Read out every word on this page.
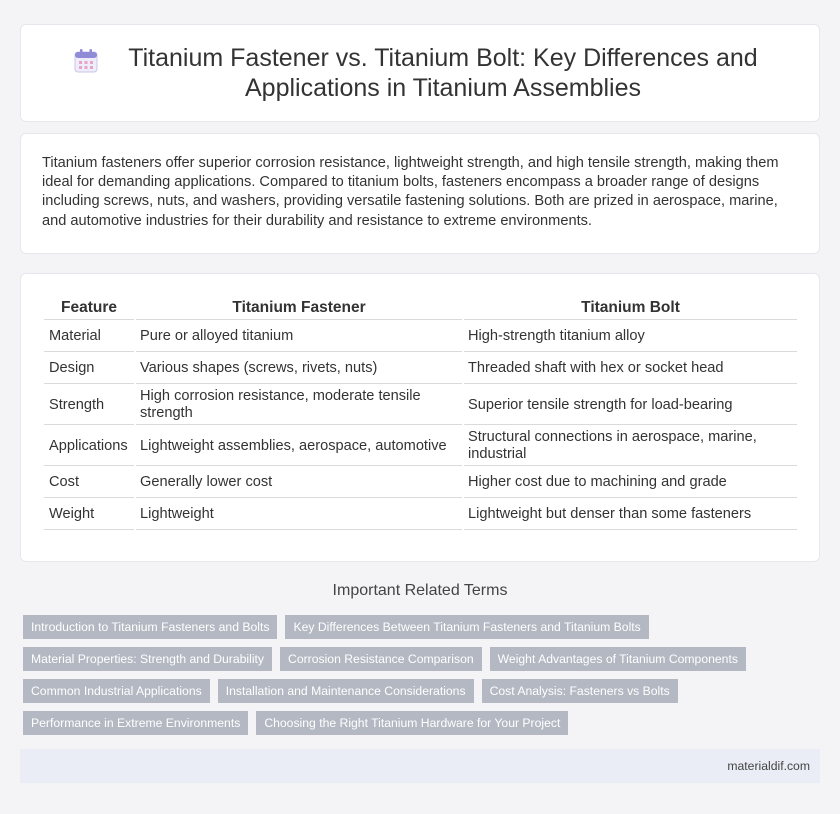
Titanium Fastener vs. Titanium Bolt: Key Differences and Applications in Titanium Assemblies

Titanium fasteners offer superior corrosion resistance, lightweight strength, and high tensile strength, making them ideal for demanding applications. Compared to titanium bolts, fasteners encompass a broader range of designs including screws, nuts, and washers, providing versatile fastening solutions. Both are prized in aerospace, marine, and automotive industries for their durability and resistance to extreme environments.

Feature	Titanium Fastener	Titanium Bolt
Material	Pure or alloyed titanium	High-strength titanium alloy
Design	Various shapes (screws, rivets, nuts)	Threaded shaft with hex or socket head
Strength	High corrosion resistance, moderate tensile strength	Superior tensile strength for load-bearing
Applications	Lightweight assemblies, aerospace, automotive	Structural connections in aerospace, marine, industrial
Cost	Generally lower cost	Higher cost due to machining and grade
Weight	Lightweight	Lightweight but denser than some fasteners
Important Related Terms
Introduction to Titanium Fasteners and Bolts	Key Differences Between Titanium Fasteners and Titanium Bolts
Material Properties: Strength and Durability	Corrosion Resistance Comparison	Weight Advantages of Titanium Components
Common Industrial Applications	Installation and Maintenance Considerations	Cost Analysis: Fasteners vs Bolts
Performance in Extreme Environments	Choosing the Right Titanium Hardware for Your Project
materialdif.com
